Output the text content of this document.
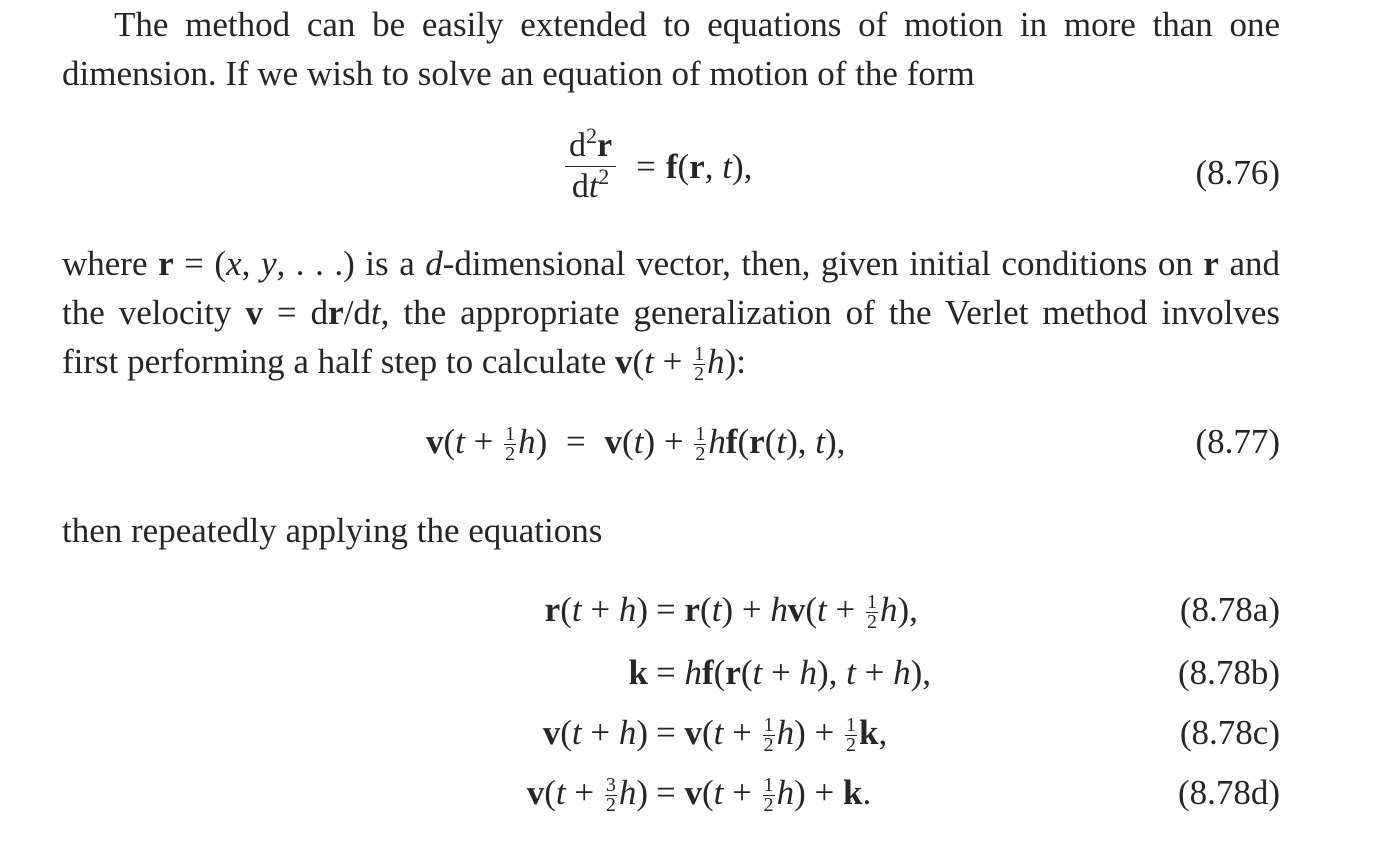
The method can be easily extended to equations of motion in more than one dimension. If we wish to solve an equation of motion of the form
$\frac{d^2r}{dt^2} = f(r$, t),	(8.76)
where r = (x, y, . . .) is a d-dimensional vector, then, given initial conditions on r and the velocity v = dr/dt, the appropriate generalization of the Verlet method involves first performing a half step to calculate $v(t + \frac{1}{2} h)$:
$v(t + \frac{1}{2} h) = v(t) + \frac{1}{2} hf(r(t)$, t),	(8.77)
then repeatedly applying the equations
$r(t + h) = r(t) + hv(t + \frac{1}{2} h)$,	(8.78a)
k = hf(r(t + h), t + h),	(8.78b)
$v(t + h) = v(t + \frac{1}{2} h) + \frac{1}{2} k$,	(8.78c)
$v(t + \frac{3}{2} h) = v(t + \frac{1}{2} h) + k$.	(8.78d)
